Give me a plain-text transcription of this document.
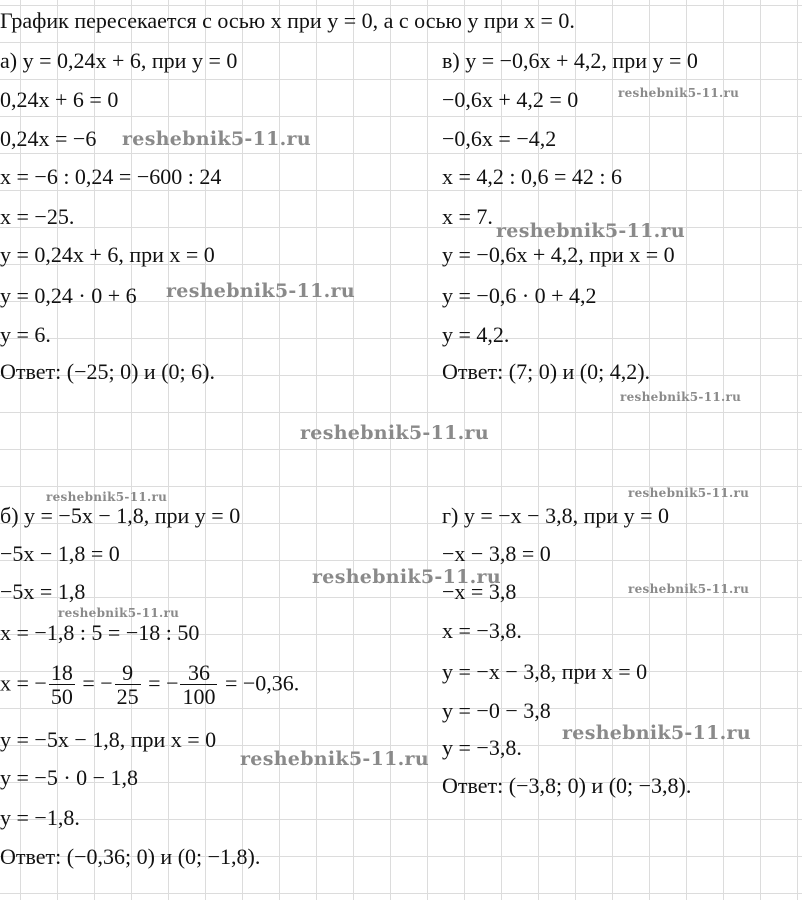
График пересекается с осью x при y = 0, а с осью y при x = 0.
а) y = 0,24x + 6, при y = 0
0,24x + 6 = 0
0,24x = −6
x = −6 : 0,24 = −600 : 24
x = −25.
y = 0,24x + 6, при x = 0
y = 0,24 · 0 + 6
y = 6.
Ответ: (−25; 0) и (0; 6).
в) y = −0,6x + 4,2, при y = 0
−0,6x + 4,2 = 0
−0,6x = −4,2
x = 4,2 : 0,6 = 42 : 6
x = 7.
y = −0,6x + 4,2, при x = 0
y = −0,6 · 0 + 4,2
y = 4,2.
Ответ: (7; 0) и (0; 4,2).
б) y = −5x − 1,8, при y = 0
−5x − 1,8 = 0
−5x = 1,8
x = −1,8 : 5 = −18 : 50
x = − $\frac{18}{50}$ = − $\frac{9}{25}$ = − $\frac{36}{100} = -0,36$.
y = −5x − 1,8, при x = 0
y = −5 · 0 − 1,8
y = −1,8.
Ответ: (−0,36; 0) и (0; −1,8).
г) y = −x − 3,8, при y = 0
−x − 3,8 = 0
−x = 3,8
x = −3,8.
y = −x − 3,8, при x = 0
y = −0 − 3,8
y = −3,8.
Ответ: (−3,8; 0) и (0; −3,8).
reshebnik5-11.ru
reshebnik5-11.ru
reshebnik5-11.ru
reshebnik5-11.ru
reshebnik5-11.ru
reshebnik5-11.ru
reshebnik5-11.ru	reshebnik5-11.ru
reshebnik5-11.ru
reshebnik5-11.ru
reshebnik5-11.ru
reshebnik5-11.ru
reshebnik5-11.ru
